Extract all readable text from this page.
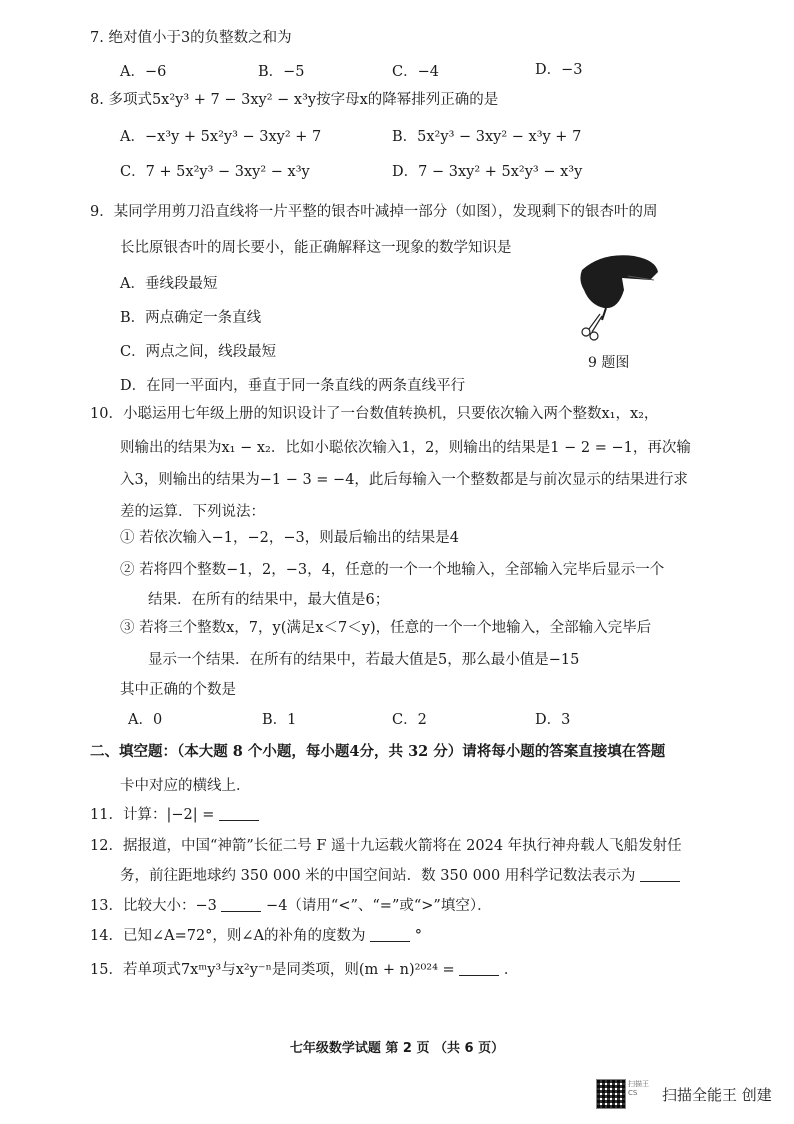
7. 绝对值小于3的负整数之和为
A．−6	B．−5	C．−4	D．−3
8. 多项式5x²y³ + 7 − 3xy² − x³y按字母x的降幂排列正确的是
A．−x³y + 5x²y³ − 3xy² + 7	B．5x²y³ − 3xy² − x³y + 7
C．7 + 5x²y³ − 3xy² − x³y	D．7 − 3xy² + 5x²y³ − x³y
9．某同学用剪刀沿直线将一片平整的银杏叶减掉一部分（如图），发现剩下的银杏叶的周
长比原银杏叶的周长要小，能正确解释这一现象的数学知识是
A．垂线段最短
B．两点确定一条直线
C．两点之间，线段最短
D．在同一平面内，垂直于同一条直线的两条直线平行
9 题图
10．小聪运用七年级上册的知识设计了一台数值转换机，只要依次输入两个整数x₁，x₂，
则输出的结果为x₁ − x₂．比如小聪依次输入1，2，则输出的结果是1 − 2 = −1，再次输
入3，则输出的结果为−1 − 3 = −4，此后每输入一个整数都是与前次显示的结果进行求
差的运算．下列说法：
① 若依次输入−1，−2，−3，则最后输出的结果是4
② 若将四个整数−1，2，−3，4，任意的一个一个地输入，全部输入完毕后显示一个
结果．在所有的结果中，最大值是6；
③ 若将三个整数x，7，y(满足x＜7＜y)，任意的一个一个地输入，全部输入完毕后
显示一个结果．在所有的结果中，若最大值是5，那么最小值是−15
其中正确的个数是
A．0	B．1	C．2	D．3
二、填空题：（本大题 8 个小题，每小题4分，共 32 分）请将每小题的答案直接填在答题
卡中对应的横线上．
11．计算：|−2| =
12．据报道，中国“神箭”长征二号 F 遥十九运载火箭将在 2024 年执行神舟载人飞船发射任
务，前往距地球约 350 000 米的中国空间站．数 350 000 用科学记数法表示为
13．比较大小：−3	−4（请用“<”、“=”或“>”填空）．
14．已知∠A=72°，则∠A的补角的度数为	°
15．若单项式7xᵐy³与x²y⁻ⁿ是同类项，则(m + n)²⁰²⁴ =	．
七年级数学试题 第 2 页 （共 6 页）
扫描王 CS	扫描全能王 创建
